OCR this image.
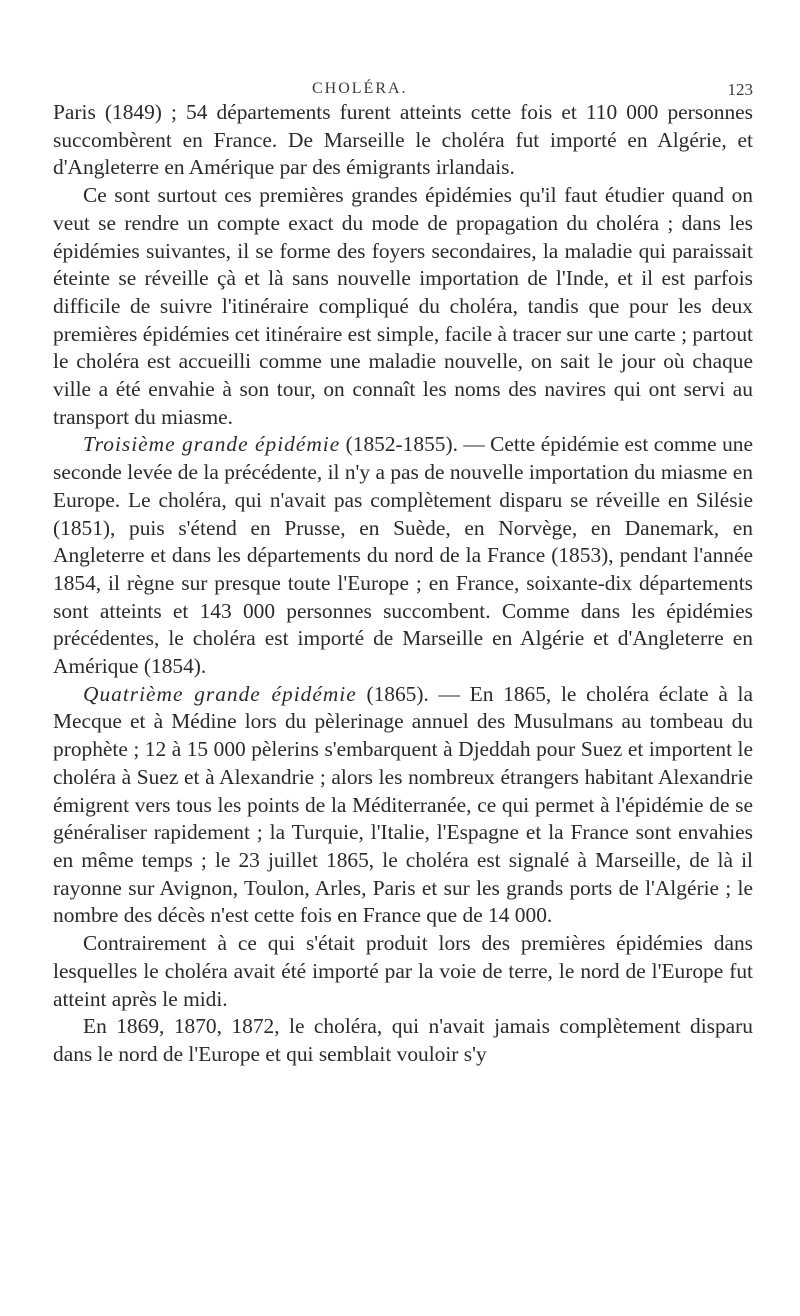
CHOLÉRA.	123

Paris (1849) ; 54 départements furent atteints cette fois et 110 000 personnes succombèrent en France. De Marseille le choléra fut importé en Algérie, et d'Angleterre en Amérique par des émigrants irlandais.

Ce sont surtout ces premières grandes épidémies qu'il faut étudier quand on veut se rendre un compte exact du mode de propagation du choléra ; dans les épidémies suivantes, il se forme des foyers secondaires, la maladie qui paraissait éteinte se réveille çà et là sans nouvelle importation de l'Inde, et il est parfois difficile de suivre l'itinéraire compliqué du choléra, tandis que pour les deux premières épidémies cet itinéraire est simple, facile à tracer sur une carte ; partout le choléra est accueilli comme une maladie nouvelle, on sait le jour où chaque ville a été envahie à son tour, on connaît les noms des navires qui ont servi au transport du miasme.

Troisième grande épidémie (1852-1855). — Cette épidémie est comme une seconde levée de la précédente, il n'y a pas de nouvelle importation du miasme en Europe. Le choléra, qui n'avait pas complètement disparu se réveille en Silésie (1851), puis s'étend en Prusse, en Suède, en Norvège, en Danemark, en Angleterre et dans les départements du nord de la France (1853), pendant l'année 1854, il règne sur presque toute l'Europe ; en France, soixante-dix départements sont atteints et 143 000 personnes succombent. Comme dans les épidémies précédentes, le choléra est importé de Marseille en Algérie et d'Angleterre en Amérique (1854).

Quatrième grande épidémie (1865). — En 1865, le choléra éclate à la Mecque et à Médine lors du pèlerinage annuel des Musulmans au tombeau du prophète ; 12 à 15 000 pèlerins s'embarquent à Djeddah pour Suez et importent le choléra à Suez et à Alexandrie ; alors les nombreux étrangers habitant Alexandrie émigrent vers tous les points de la Méditerranée, ce qui permet à l'épidémie de se généraliser rapidement ; la Turquie, l'Italie, l'Espagne et la France sont envahies en même temps ; le 23 juillet 1865, le choléra est signalé à Marseille, de là il rayonne sur Avignon, Toulon, Arles, Paris et sur les grands ports de l'Algérie ; le nombre des décès n'est cette fois en France que de 14 000.

Contrairement à ce qui s'était produit lors des premières épidémies dans lesquelles le choléra avait été importé par la voie de terre, le nord de l'Europe fut atteint après le midi.

En 1869, 1870, 1872, le choléra, qui n'avait jamais complètement disparu dans le nord de l'Europe et qui semblait vouloir s'y
